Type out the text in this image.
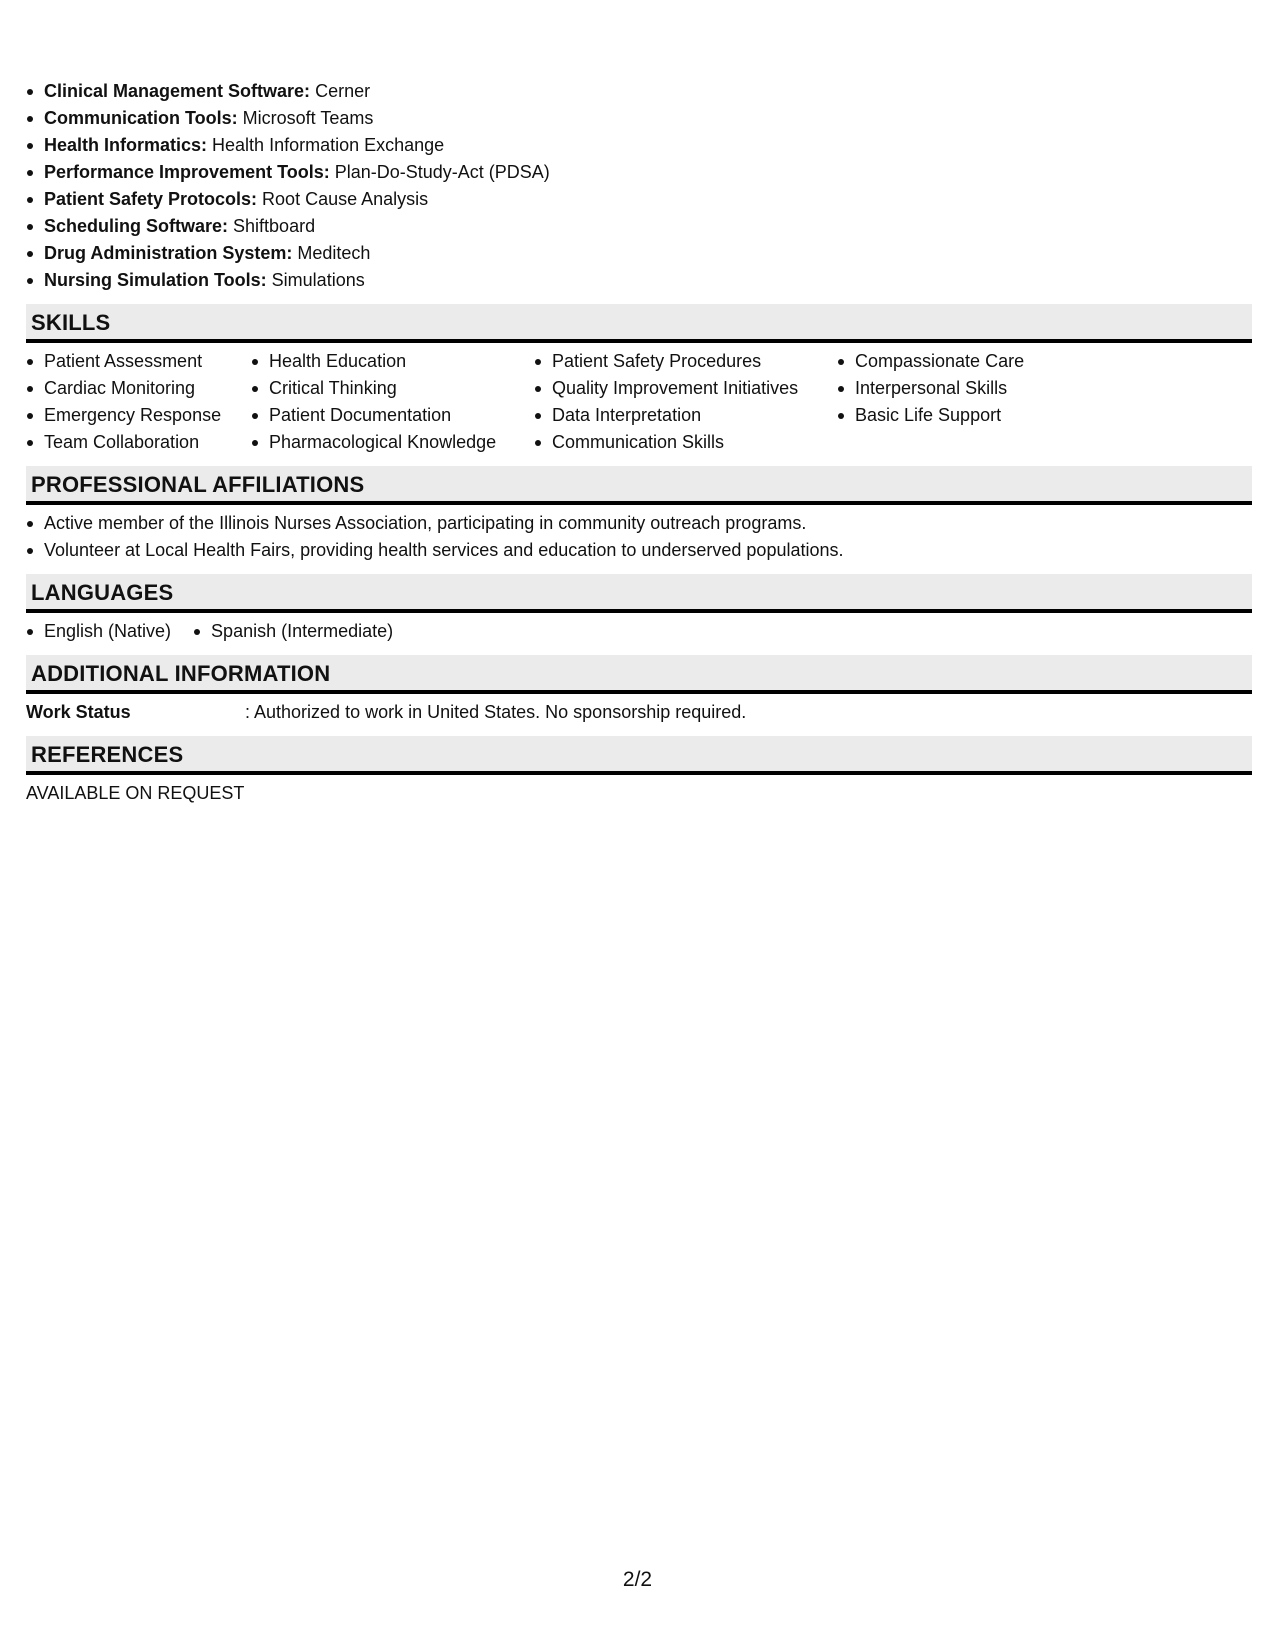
Clinical Management Software: Cerner
Communication Tools: Microsoft Teams
Health Informatics: Health Information Exchange
Performance Improvement Tools: Plan-Do-Study-Act (PDSA)
Patient Safety Protocols: Root Cause Analysis
Scheduling Software: Shiftboard
Drug Administration System: Meditech
Nursing Simulation Tools: Simulations
SKILLS
Patient Assessment
Cardiac Monitoring
Emergency Response
Team Collaboration
Health Education
Critical Thinking
Patient Documentation
Pharmacological Knowledge
Patient Safety Procedures
Quality Improvement Initiatives
Data Interpretation
Communication Skills
Compassionate Care
Interpersonal Skills
Basic Life Support
PROFESSIONAL AFFILIATIONS
Active member of the Illinois Nurses Association, participating in community outreach programs.
Volunteer at Local Health Fairs, providing health services and education to underserved populations.
LANGUAGES
English (Native)	Spanish (Intermediate)
ADDITIONAL INFORMATION
Work Status	: Authorized to work in United States. No sponsorship required.
REFERENCES
AVAILABLE ON REQUEST
2/2
